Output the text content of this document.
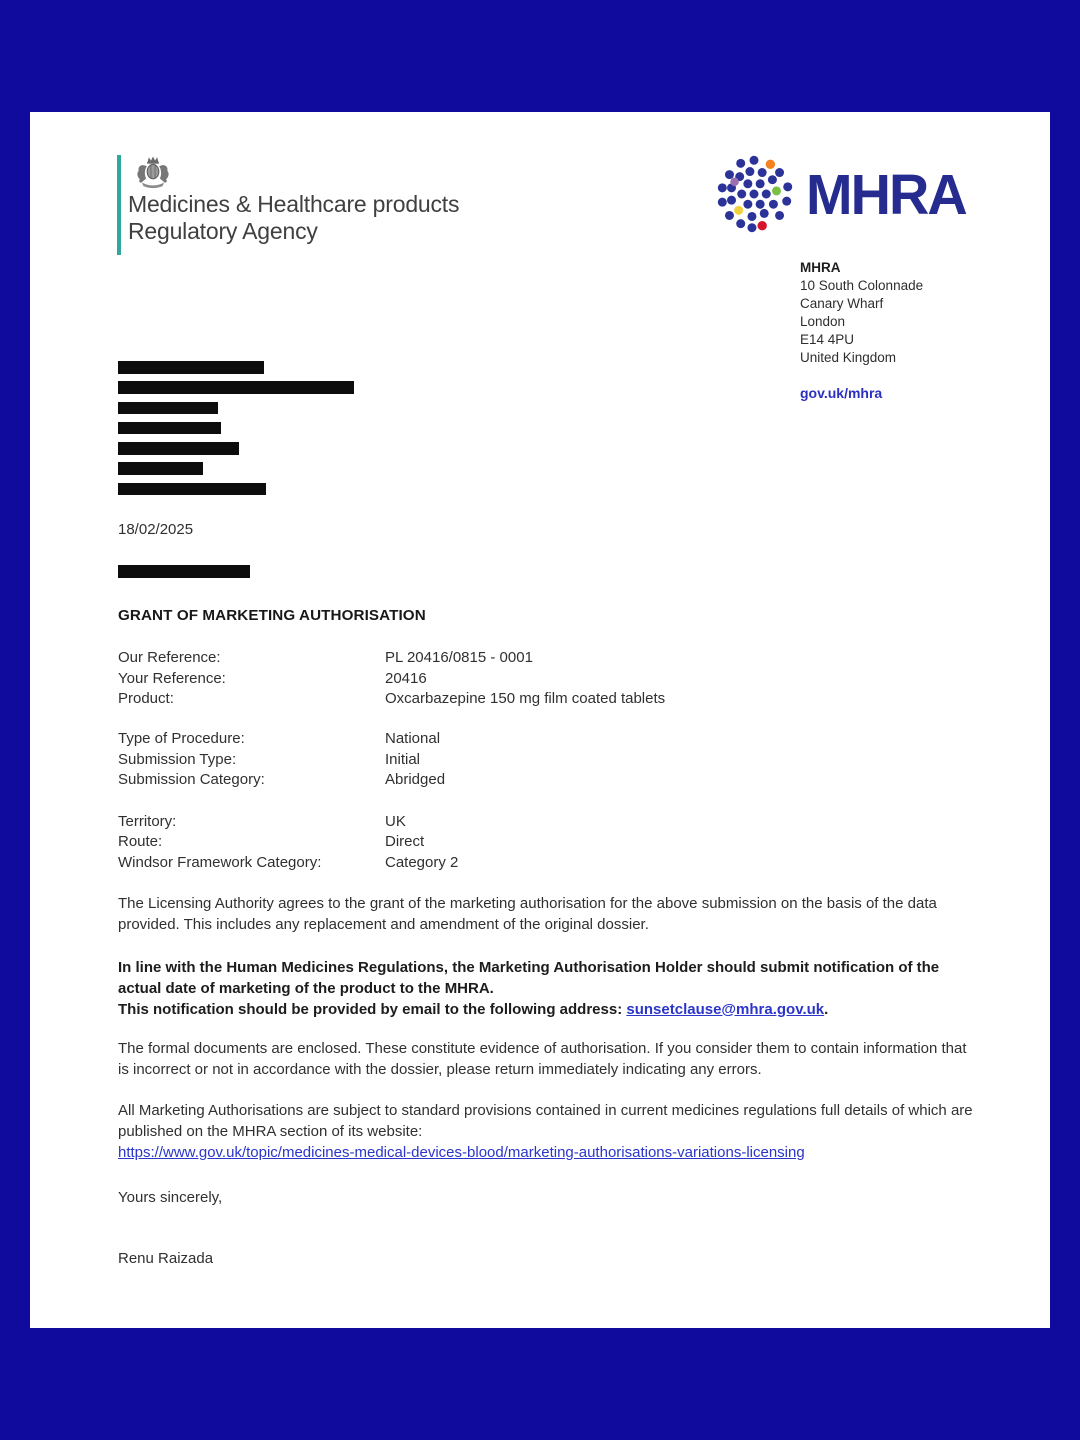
Medicines & Healthcare products
Regulatory Agency
MHRA
MHRA
10 South Colonnade
Canary Wharf
London
E14 4PU
United Kingdom
gov.uk/mhra
18/02/2025
GRANT OF MARKETING AUTHORISATION
Our Reference:	PL 20416/0815 - 0001
Your Reference:	20416
Product:	Oxcarbazepine 150 mg film coated tablets
Type of Procedure:	National
Submission Type:	Initial
Submission Category:	Abridged
Territory:	UK
Route:	Direct
Windsor Framework Category:	Category 2
The Licensing Authority agrees to the grant of the marketing authorisation for the above submission on the basis of the data provided. This includes any replacement and amendment of the original dossier.
In line with the Human Medicines Regulations, the Marketing Authorisation Holder should submit notification of the actual date of marketing of the product to the MHRA.
This notification should be provided by email to the following address: sunsetclause@mhra.gov.uk.
The formal documents are enclosed. These constitute evidence of authorisation. If you consider them to contain information that is incorrect or not in accordance with the dossier, please return immediately indicating any errors.
All Marketing Authorisations are subject to standard provisions contained in current medicines regulations full details of which are published on the MHRA section of its website:
https://www.gov.uk/topic/medicines-medical-devices-blood/marketing-authorisations-variations-licensing
Yours sincerely,
Renu Raizada
